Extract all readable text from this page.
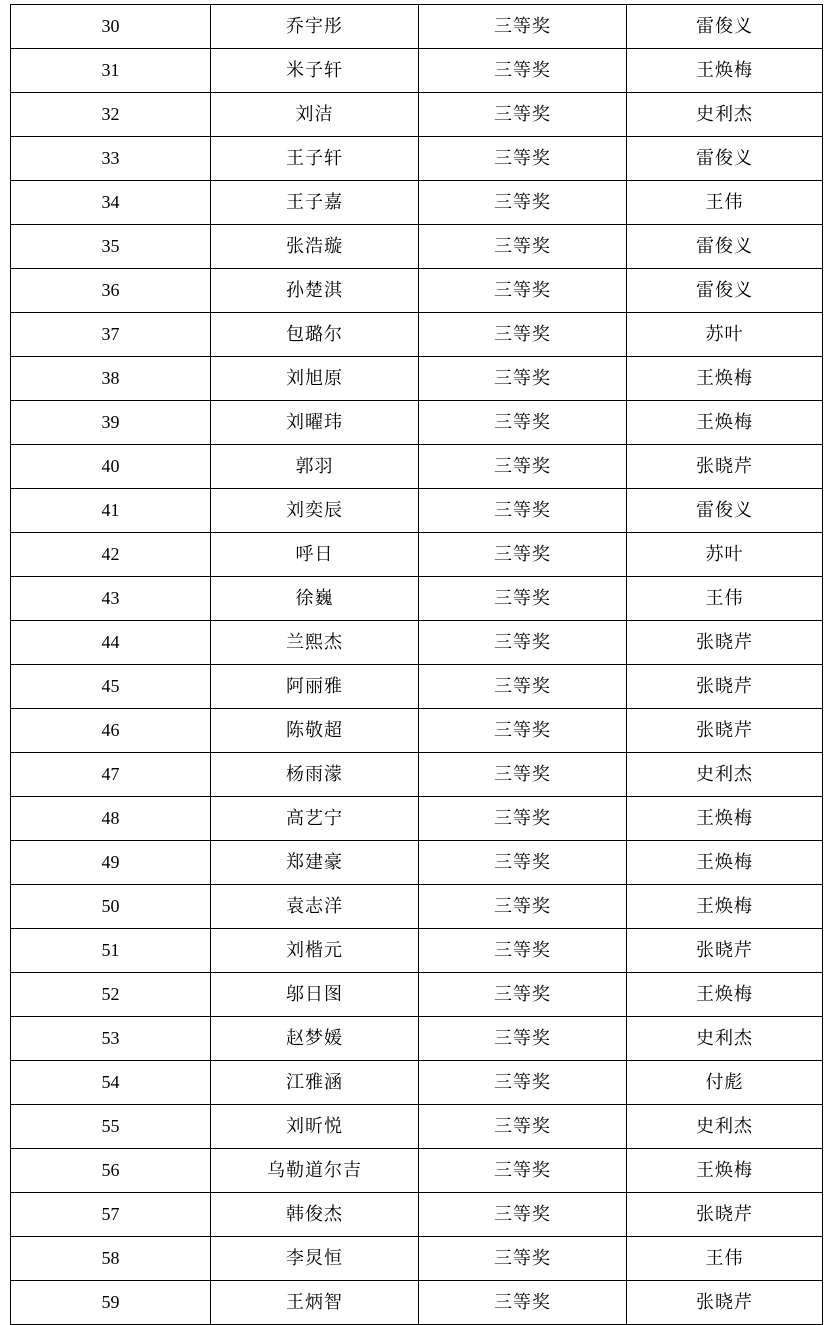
30	乔宇彤	三等奖	雷俊义
31	米子轩	三等奖	王焕梅
32	刘洁	三等奖	史利杰
33	王子轩	三等奖	雷俊义
34	王子嘉	三等奖	王伟
35	张浩璇	三等奖	雷俊义
36	孙楚淇	三等奖	雷俊义
37	包璐尔	三等奖	苏叶
38	刘旭原	三等奖	王焕梅
39	刘曜玮	三等奖	王焕梅
40	郭羽	三等奖	张晓芹
41	刘奕辰	三等奖	雷俊义
42	呼日	三等奖	苏叶
43	徐巍	三等奖	王伟
44	兰熙杰	三等奖	张晓芹
45	阿丽雅	三等奖	张晓芹
46	陈敬超	三等奖	张晓芹
47	杨雨濛	三等奖	史利杰
48	高艺宁	三等奖	王焕梅
49	郑建豪	三等奖	王焕梅
50	袁志洋	三等奖	王焕梅
51	刘楷元	三等奖	张晓芹
52	邬日图	三等奖	王焕梅
53	赵梦媛	三等奖	史利杰
54	江雅涵	三等奖	付彪
55	刘昕悦	三等奖	史利杰
56	乌勒道尔吉	三等奖	王焕梅
57	韩俊杰	三等奖	张晓芹
58	李炅恒	三等奖	王伟
59	王炳智	三等奖	张晓芹
